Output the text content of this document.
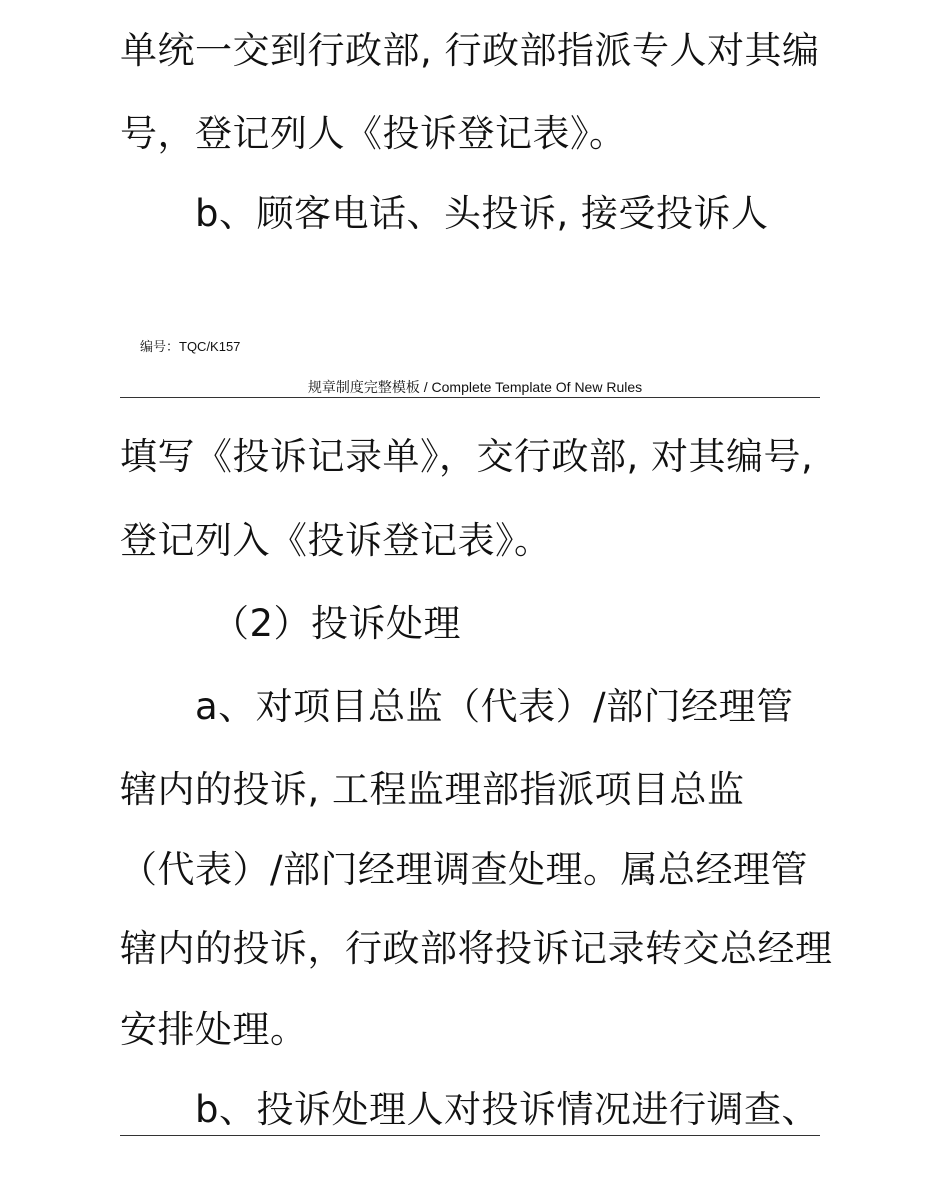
单统一交到行政部, 行政部指派专人对其编
号，登记列人《投诉登记表》。
b、顾客电话、头投诉, 接受投诉人
编号：TQC/K157
规章制度完整模板 / Complete Template Of New Rules
填写《投诉记录单》，交行政部, 对其编号,
登记列入《投诉登记表》。
（2）投诉处理
a、对项目总监（代表）/部门经理管
辖内的投诉, 工程监理部指派项目总监
（代表）/部门经理调查处理。属总经理管
辖内的投诉，行政部将投诉记录转交总经理
安排处理。
b、投诉处理人对投诉情况进行调查、
